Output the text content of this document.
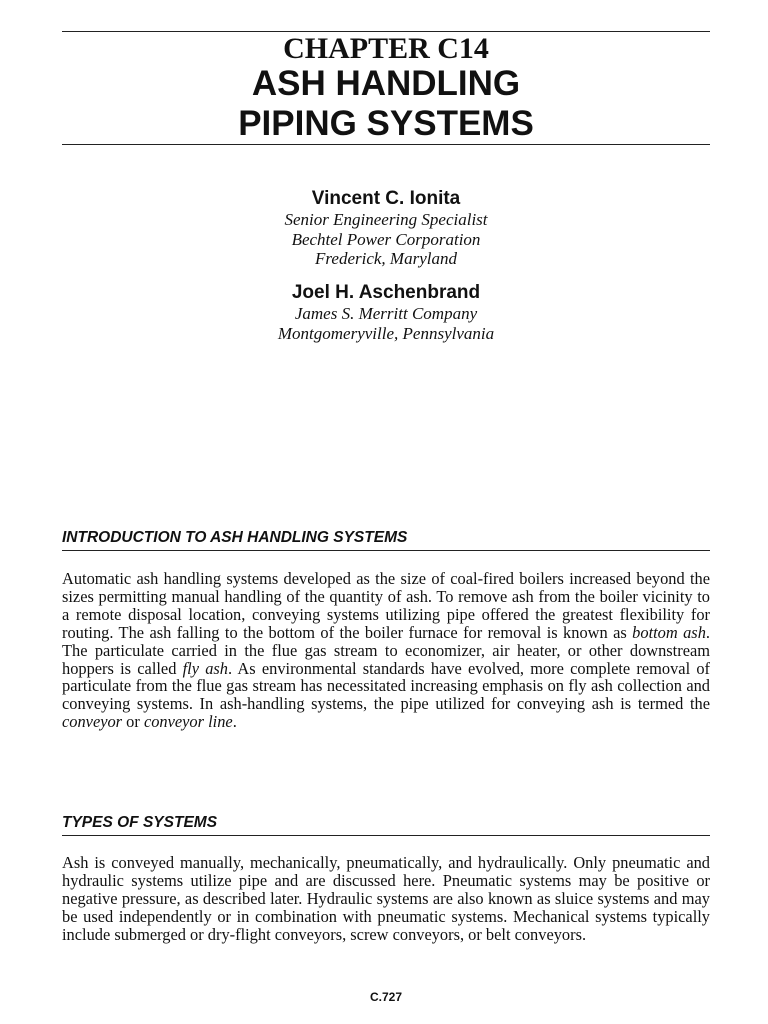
CHAPTER C14
ASH HANDLING
PIPING SYSTEMS
Vincent C. Ionita
Senior Engineering Specialist
Bechtel Power Corporation
Frederick, Maryland
Joel H. Aschenbrand
James S. Merritt Company
Montgomeryville, Pennsylvania
INTRODUCTION TO ASH HANDLING SYSTEMS

Automatic ash handling systems developed as the size of coal-fired boilers increased beyond the sizes permitting manual handling of the quantity of ash. To remove ash from the boiler vicinity to a remote disposal location, conveying systems utilizing pipe offered the greatest flexibility for routing. The ash falling to the bottom of the boiler furnace for removal is known as bottom ash. The particulate carried in the flue gas stream to economizer, air heater, or other downstream hoppers is called fly ash. As environmental standards have evolved, more complete removal of particulate from the flue gas stream has necessitated increasing emphasis on fly ash collection and conveying systems. In ash-handling systems, the pipe utilized for conveying ash is termed the conveyor or conveyor line.

TYPES OF SYSTEMS

Ash is conveyed manually, mechanically, pneumatically, and hydraulically. Only pneumatic and hydraulic systems utilize pipe and are discussed here. Pneumatic systems may be positive or negative pressure, as described later. Hydraulic systems are also known as sluice systems and may be used independently or in combination with pneumatic systems. Mechanical systems typically include submerged or dry-flight conveyors, screw conveyors, or belt conveyors.

C.727
